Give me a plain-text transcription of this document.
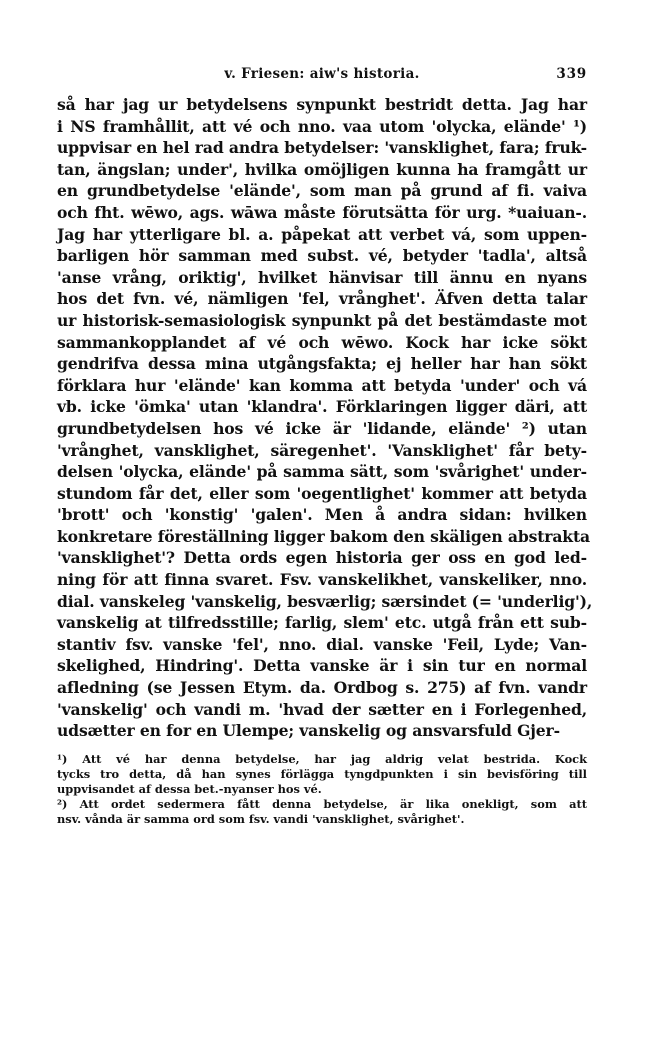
v. Friesen: aiw's historia.	339
så har jag ur betydelsens synpunkt bestridt detta. Jag har
i NS framhållit, att vé och nno. vaa utom 'olycka, elände' ¹)
uppvisar en hel rad andra betydelser: 'vansklighet, fara; fruk-
tan, ängslan; under', hvilka omöjligen kunna ha framgått ur
en grundbetydelse 'elände', som man på grund af fi. vaiva
och fht. wēwo, ags. wāwa måste förutsätta för urg. *uaiuan-.
Jag har ytterligare bl. a. påpekat att verbet vá, som uppen-
barligen hör samman med subst. vé, betyder 'tadla', altså
'anse vrång, oriktig', hvilket hänvisar till ännu en nyans
hos det fvn. vé, nämligen 'fel, vrånghet'. Äfven detta talar
ur historisk-semasiologisk synpunkt på det bestämdaste mot
sammankopplandet af vé och wēwo. Kock har icke sökt
gendrifva dessa mina utgångsfakta; ej heller har han sökt
förklara hur 'elände' kan komma att betyda 'under' och vá
vb. icke 'ömka' utan 'klandra'. Förklaringen ligger däri, att
grundbetydelsen hos vé icke är 'lidande, elände' ²) utan
'vrånghet, vansklighet, säregenhet'. 'Vansklighet' får bety-
delsen 'olycka, elände' på samma sätt, som 'svårighet' under-
stundom får det, eller som 'oegentlighet' kommer att betyda
'brott' och 'konstig' 'galen'. Men å andra sidan: hvilken
konkretare föreställning ligger bakom den skäligen abstrakta
'vansklighet'? Detta ords egen historia ger oss en god led-
ning för att finna svaret. Fsv. vanskelikhet, vanskeliker, nno.
dial. vanskeleg 'vanskelig, besværlig; særsindet (= 'underlig'),
vanskelig at tilfredsstille; farlig, slem' etc. utgå från ett sub-
stantiv fsv. vanske 'fel', nno. dial. vanske 'Feil, Lyde; Van-
skelighed, Hindring'. Detta vanske är i sin tur en normal
afledning (se Jessen Etym. da. Ordbog s. 275) af fvn. vandr
'vanskelig' och vandi m. 'hvad der sætter en i Forlegenhed,
udsætter en for en Ulempe; vanskelig og ansvarsfuld Gjer-
¹) Att vé har denna betydelse, har jag aldrig velat bestrida. Kock
tycks tro detta, då han synes förlägga tyngdpunkten i sin bevisföring till
uppvisandet af dessa bet.-nyanser hos vé.
²) Att ordet sedermera fått denna betydelse, är lika onekligt, som att
nsv. vånda är samma ord som fsv. vandi 'vansklighet, svårighet'.
